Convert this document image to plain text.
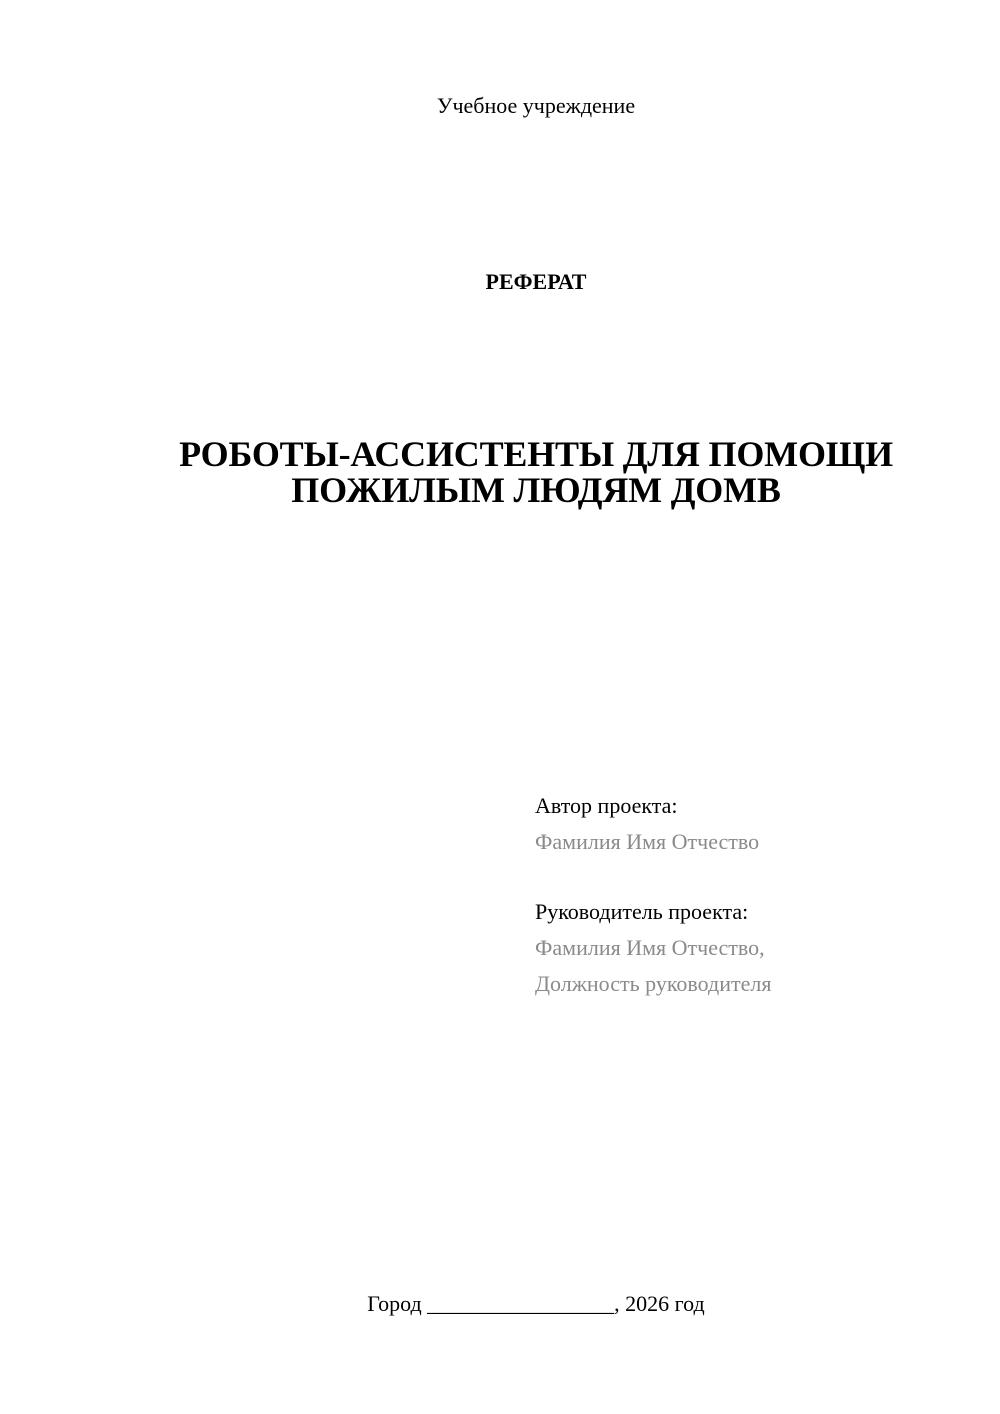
Учебное учреждение
РЕФЕРАТ
РОБОТЫ-АССИСТЕНТЫ ДЛЯ ПОМОЩИ
ПОЖИЛЫМ ЛЮДЯМ ДОМВ
Автор проекта:
Фамилия Имя Отчество
Руководитель проекта:
Фамилия Имя Отчество,
Должность руководителя
Город _________________, 2026 год
